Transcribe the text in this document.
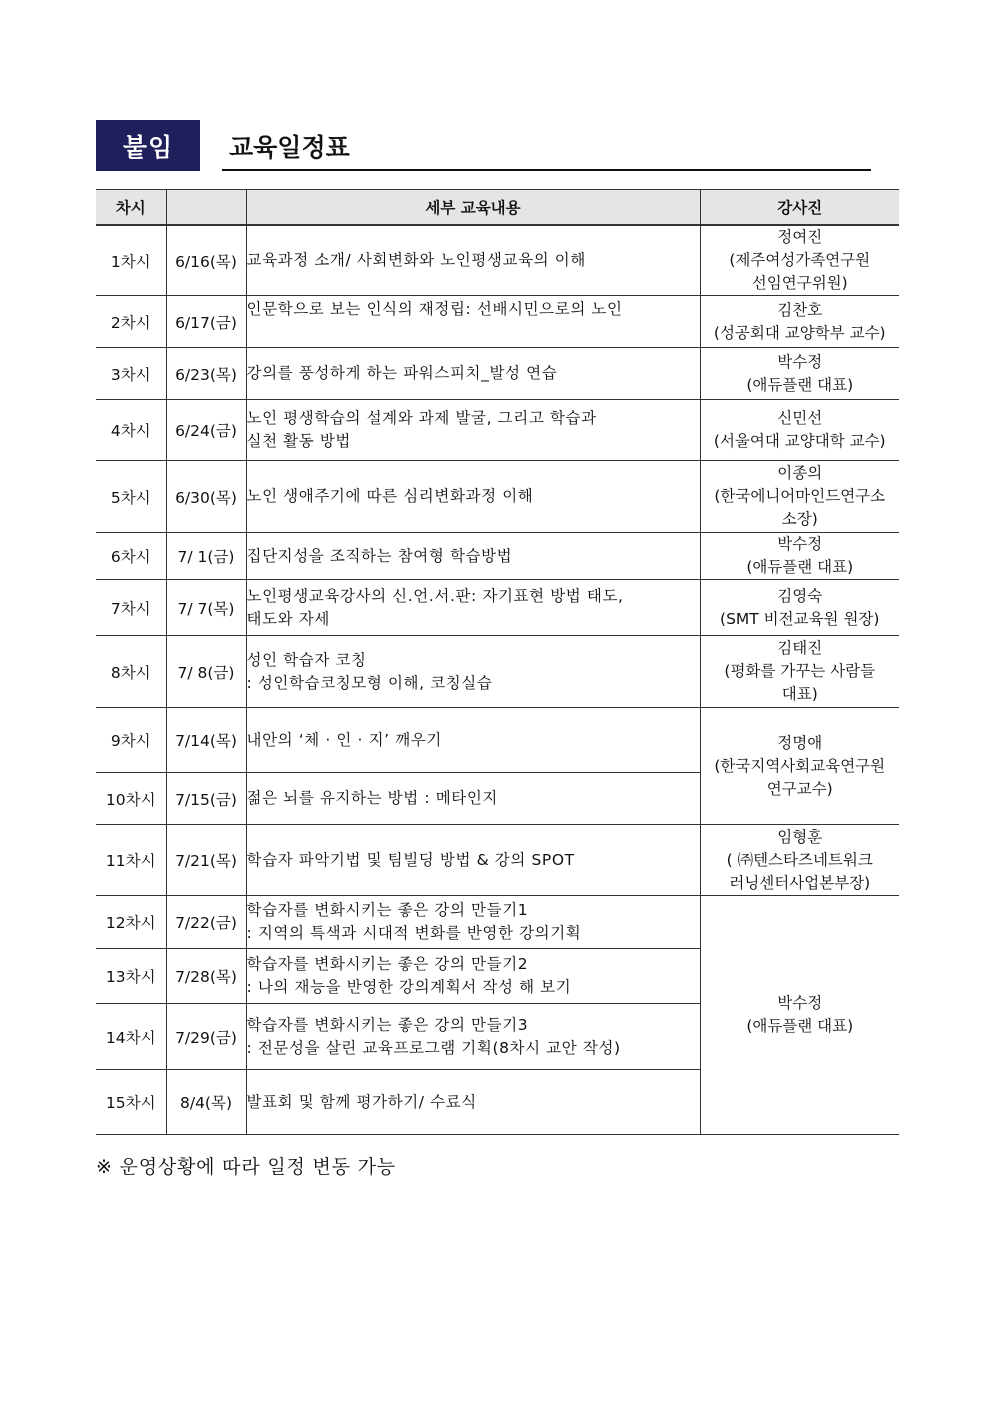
붙임	교육일정표
차시		세부 교육내용	강사진
1차시	6/16(목)	교육과정 소개/ 사회변화와 노인평생교육의 이해	정여진
(제주여성가족연구원
선임연구위원)

2차시	6/17(금)	인문학으로 보는 인식의 재정립: 선배시민으로의 노인	김찬호
(성공회대 교양학부 교수)

3차시	6/23(목)	강의를 풍성하게 하는 파워스피치_발성 연습	박수정
(애듀플랜 대표)

4차시	6/24(금)	노인 평생학습의 설계와 과제 발굴, 그리고 학습과
실천 활동 방법	신민선
(서울여대 교양대학 교수)

5차시	6/30(목)	노인 생애주기에 따른 심리변화과정 이해	이종의
(한국에니어마인드연구소
소장)

6차시	7/ 1(금)	집단지성을 조직하는 참여형 학습방법	박수정
(애듀플랜 대표)

7차시	7/ 7(목)	노인평생교육강사의 신.언.서.판: 자기표현 방법 태도,
태도와 자세	김영숙
(SMT 비전교육원 원장)

8차시	7/ 8(금)	성인 학습자 코칭
: 성인학습코칭모형 이해, 코칭실습	김태진
(평화를 가꾸는 사람들
대표)

9차시	7/14(목)	내안의 ‘체 · 인 · 지’ 깨우기	정명애
(한국지역사회교육연구원
연구교수)

10차시	7/15(금)	젊은 뇌를 유지하는 방법 : 메타인지	

11차시	7/21(목)	학습자 파악기법 및 팀빌딩 방법 & 강의 SPOT	임형훈
( ㈜텐스타즈네트워크
러닝센터사업본부장)

12차시	7/22(금)	학습자를 변화시키는 좋은 강의 만들기1
: 지역의 특색과 시대적 변화를 반영한 강의기획	박수정
(애듀플랜 대표)

13차시	7/28(목)	학습자를 변화시키는 좋은 강의 만들기2
: 나의 재능을 반영한 강의계획서 작성 해 보기	

14차시	7/29(금)	학습자를 변화시키는 좋은 강의 만들기3
: 전문성을 살린 교육프로그램 기획(8차시 교안 작성)	

15차시	8/4(목)	발표회 및 함께 평가하기/ 수료식	
※ 운영상황에 따라 일정 변동 가능
